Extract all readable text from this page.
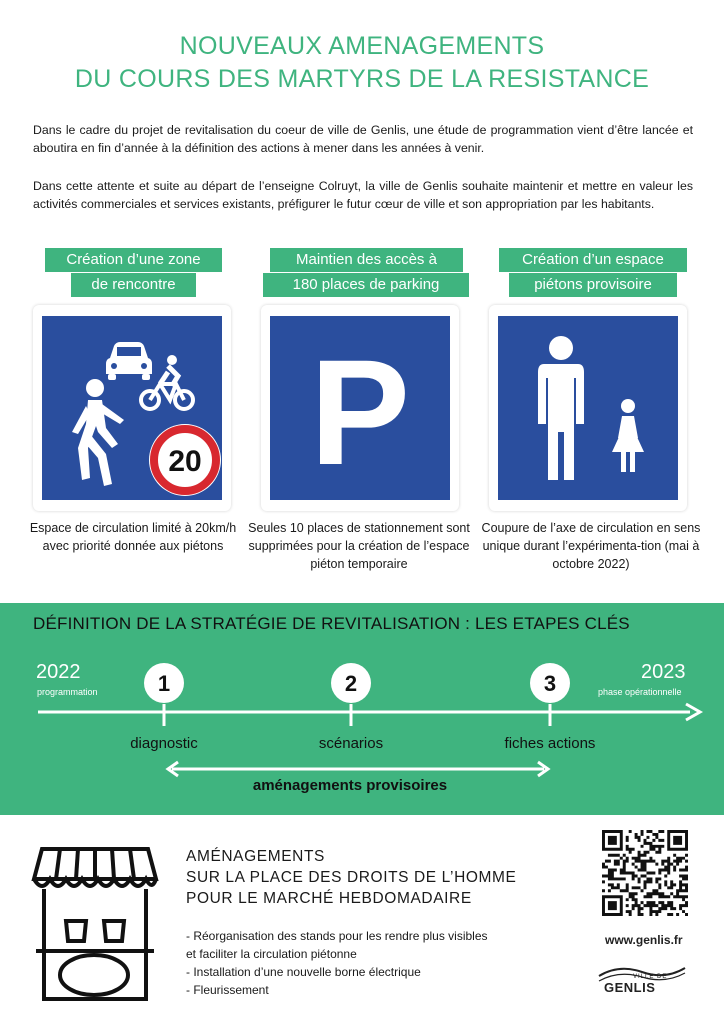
NOUVEAUX AMENAGEMENTS
DU COURS DES MARTYRS DE LA RESISTANCE

Dans le cadre du projet de revitalisation du coeur de ville de Genlis, une étude de programmation vient d’être lancée et aboutira en fin d’année à la définition des actions à mener dans les années à venir.

Dans cette attente et suite au départ de l’enseigne Colruyt, la ville de Genlis souhaite maintenir et mettre en valeur les activités commerciales et services existants, préfigurer le futur cœur de ville et son appropriation par les habitants.

Création d’une zone
de rencontre
20

Espace de circulation limité à 20km/h avec priorité donnée aux piétons

Maintien des accès à
180 places de parking
P

Seules 10 places de stationnement sont supprimées pour la création de l’espace piéton temporaire

Création d’un espace
piétons provisoire

Coupure de l’axe de circulation en sens unique durant l’expérimenta-tion (mai à octobre 2022)

DÉFINITION DE LA STRATÉGIE DE REVITALISATION : LES ETAPES CLÉS
1	2	3
2022
programmation
2023
phase opérationnelle
diagnostic	scénarios	fiches actions
aménagements provisoires
AMÉNAGEMENTS
SUR LA PLACE DES DROITS DE L’HOMME
POUR LE MARCHÉ HEBDOMADAIRE
- Réorganisation des stands pour les rendre plus visibles
et faciliter la circulation piétonne
- Installation d’une nouvelle borne électrique
- Fleurissement
www.genlis.fr
VILLE DE
GENLIS
